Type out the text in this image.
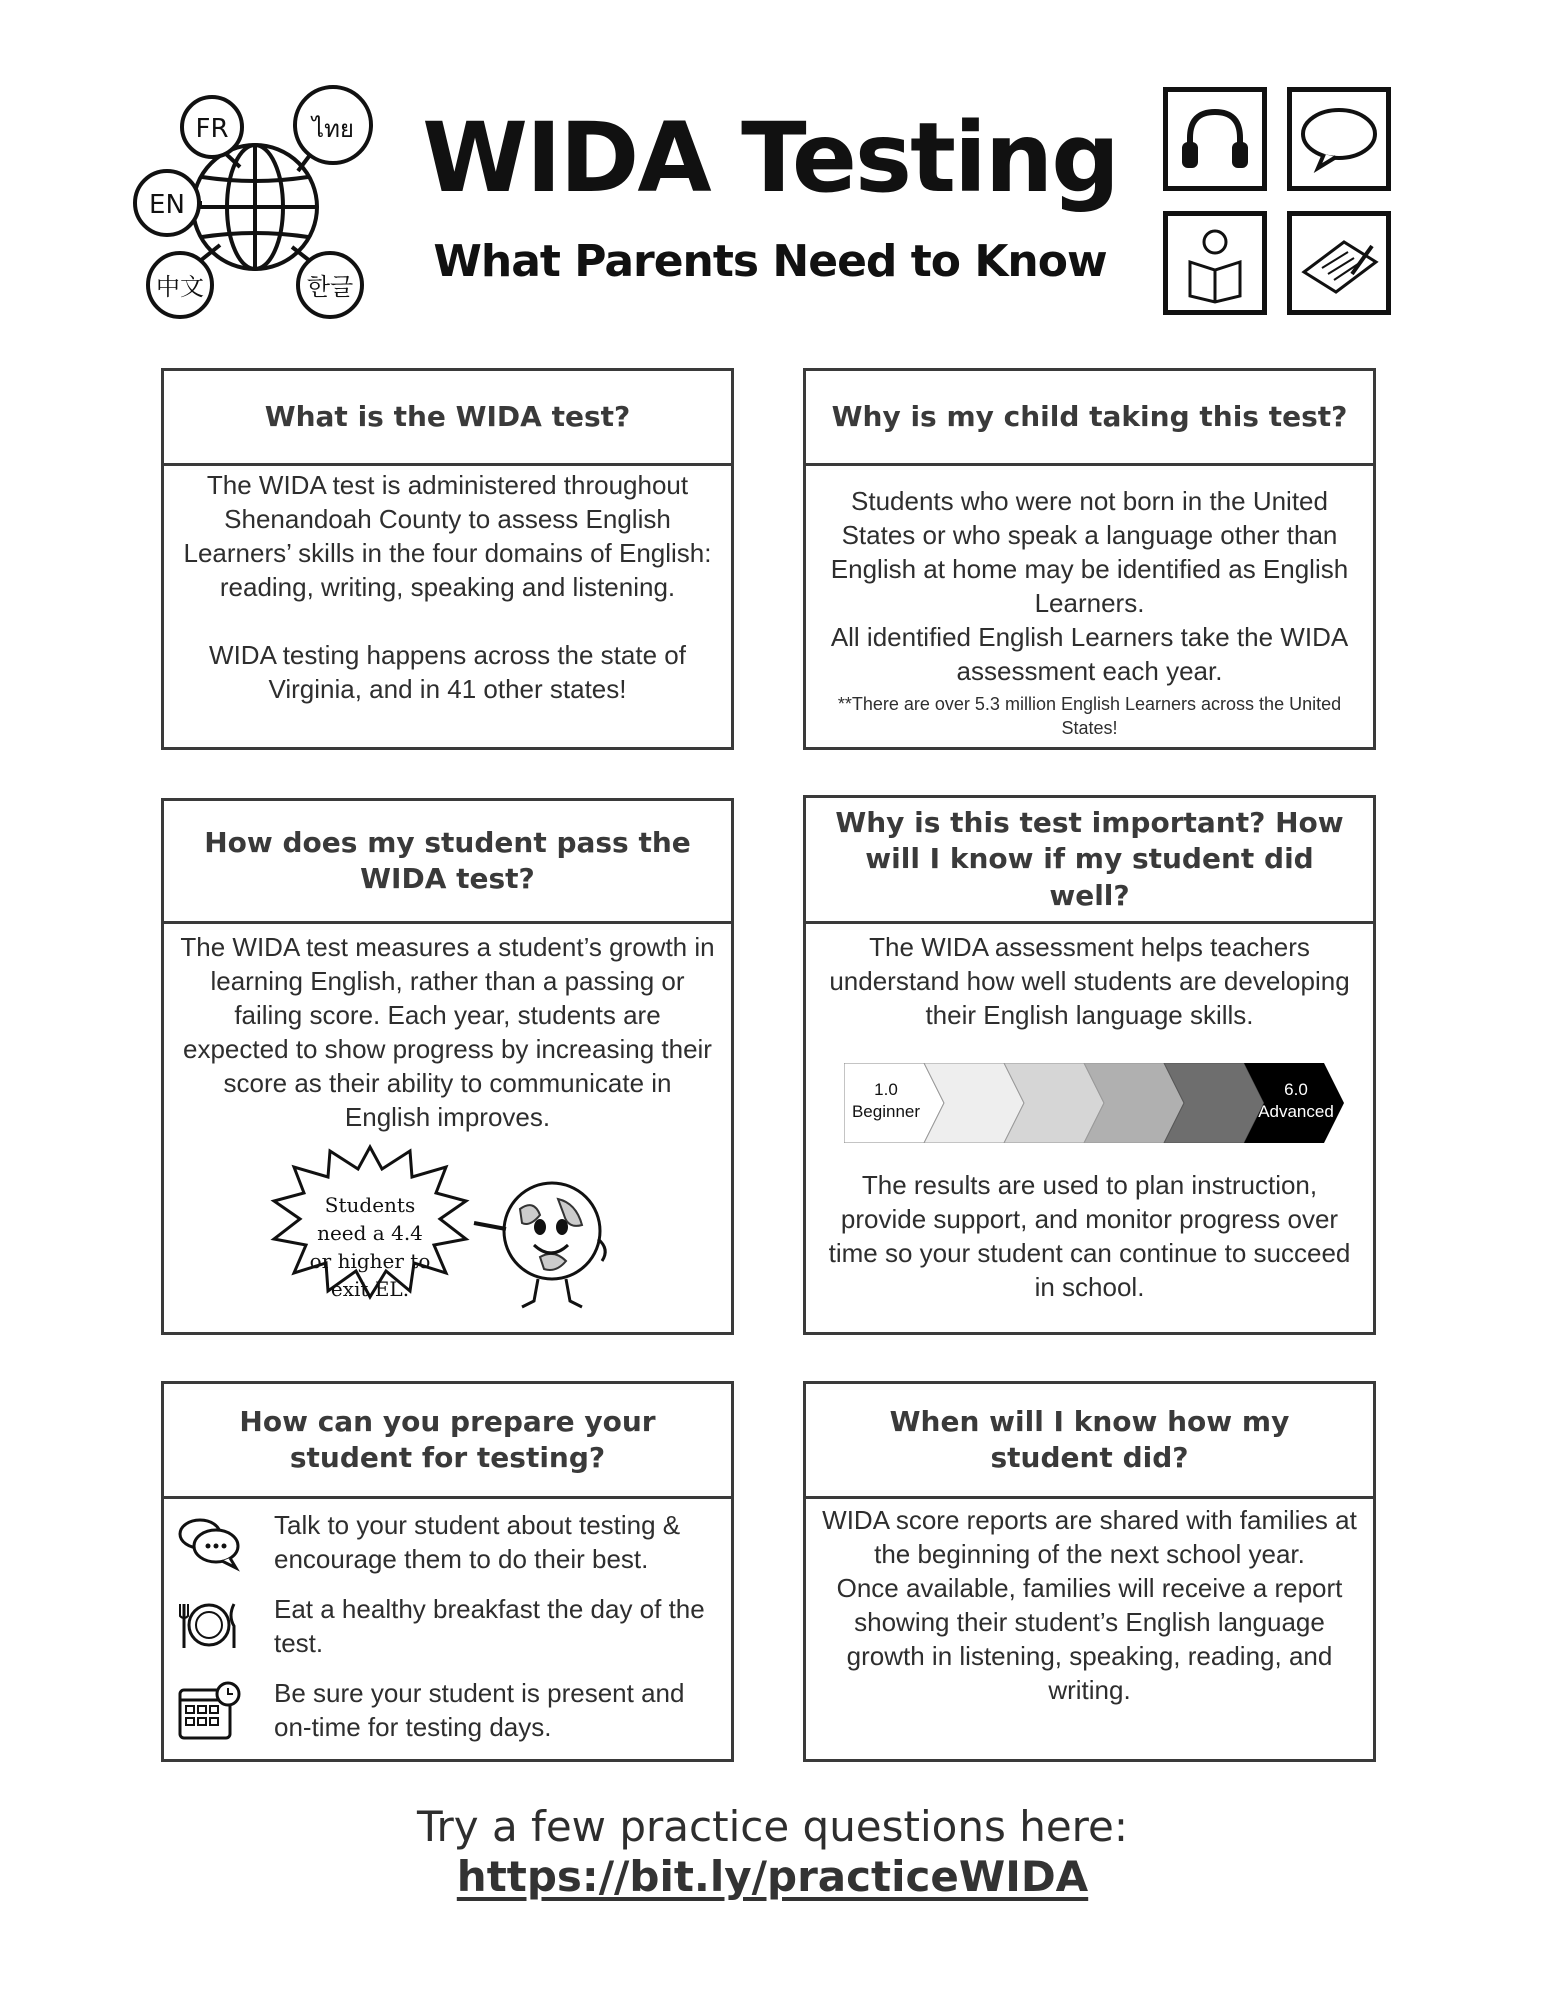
FR	ไทย
EN
中文	한글
WIDA Testing
What Parents Need to Know
What is the WIDA test?

The WIDA test is administered throughout Shenandoah County to assess English Learners’ skills in the four domains of English: reading, writing, speaking and listening.

WIDA testing happens across the state of Virginia, and in 41 other states!

Why is my child taking this test?

Students who were not born in the United States or who speak a language other than English at home may be identified as English Learners.

All identified English Learners take the WIDA assessment each year.

**There are over 5.3 million English Learners across the United States!

How does my student pass the WIDA test?

The WIDA test measures a student’s growth in learning English, rather than a passing or failing score. Each year, students are expected to show progress by increasing their score as their ability to communicate in English improves.

Students need a 4.4 or higher to exit EL.
Why is this test important? How will I know if my student did well?

The WIDA assessment helps teachers understand how well students are developing their English language skills.

1.0
Beginner
6.0
Advanced

The results are used to plan instruction, provide support, and monitor progress over time so your student can continue to succeed in school.

How can you prepare your student for testing?
Talk to your student about testing & encourage them to do their best.
Eat a healthy breakfast the day of the test.
Be sure your student is present and on-time for testing days.
When will I know how my student did?

WIDA score reports are shared with families at the beginning of the next school year.

Once available, families will receive a report showing their student’s English language growth in listening, speaking, reading, and writing.

Try a few practice questions here:
https://bit.ly/practiceWIDA
